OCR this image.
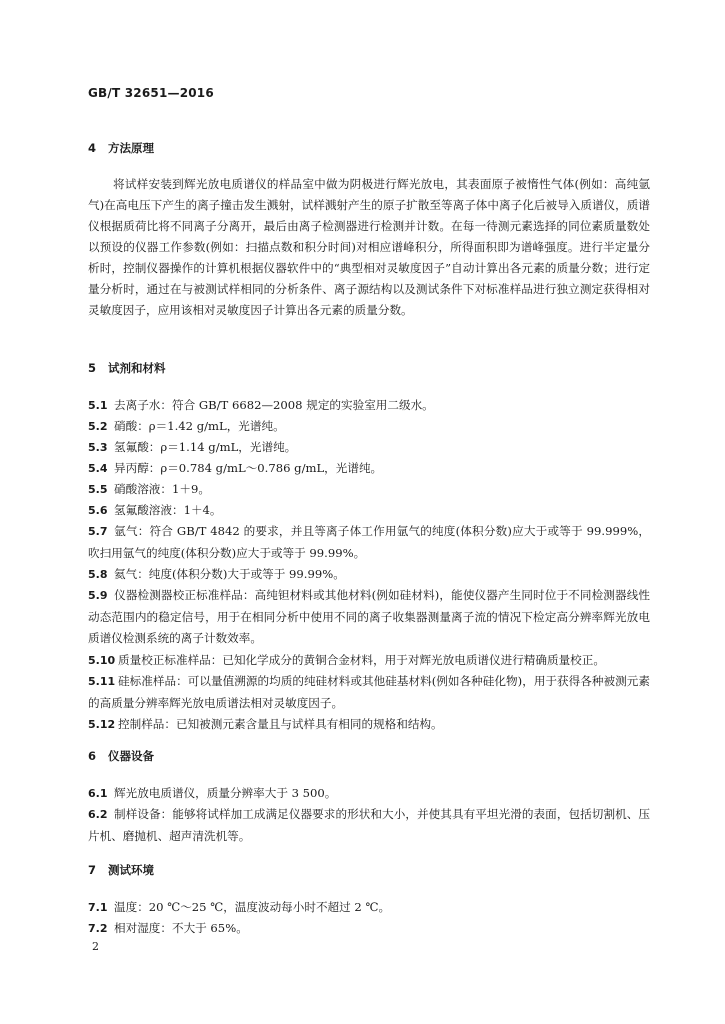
GB/T 32651—2016
4 方法原理
将试样安装到辉光放电质谱仪的样品室中做为阴极进行辉光放电，其表面原子被惰性气体(例如：高纯氩气)在高电压下产生的离子撞击发生溅射，试样溅射产生的原子扩散至等离子体中离子化后被导入质谱仪，质谱仪根据质荷比将不同离子分离开，最后由离子检测器进行检测并计数。在每一待测元素选择的同位素质量数处以预设的仪器工作参数(例如：扫描点数和积分时间)对相应谱峰积分，所得面积即为谱峰强度。进行半定量分析时，控制仪器操作的计算机根据仪器软件中的“典型相对灵敏度因子”自动计算出各元素的质量分数；进行定量分析时，通过在与被测试样相同的分析条件、离子源结构以及测试条件下对标准样品进行独立测定获得相对灵敏度因子，应用该相对灵敏度因子计算出各元素的质量分数。
5 试剂和材料
5.1 去离子水：符合 GB/T 6682—2008 规定的实验室用二级水。
5.2 硝酸：ρ＝1.42 g/mL，光谱纯。
5.3 氢氟酸：ρ＝1.14 g/mL，光谱纯。
5.4 异丙醇：ρ＝0.784 g/mL～0.786 g/mL，光谱纯。
5.5 硝酸溶液：1＋9。
5.6 氢氟酸溶液：1＋4。
5.7 氩气：符合 GB/T 4842 的要求，并且等离子体工作用氩气的纯度(体积分数)应大于或等于 99.999%，吹扫用氩气的纯度(体积分数)应大于或等于 99.99%。
5.8 氦气：纯度(体积分数)大于或等于 99.99%。
5.9 仪器检测器校正标准样品：高纯钽材料或其他材料(例如硅材料)，能使仪器产生同时位于不同检测器线性动态范围内的稳定信号，用于在相同分析中使用不同的离子收集器测量离子流的情况下检定高分辨率辉光放电质谱仪检测系统的离子计数效率。
5.10 质量校正标准样品：已知化学成分的黄铜合金材料，用于对辉光放电质谱仪进行精确质量校正。
5.11 硅标准样品：可以量值溯源的均质的纯硅材料或其他硅基材料(例如各种硅化物)，用于获得各种被测元素的高质量分辨率辉光放电质谱法相对灵敏度因子。
5.12 控制样品：已知被测元素含量且与试样具有相同的规格和结构。
6 仪器设备
6.1 辉光放电质谱仪，质量分辨率大于 3 500。
6.2 制样设备：能够将试样加工成满足仪器要求的形状和大小，并使其具有平坦光滑的表面，包括切割机、压片机、磨抛机、超声清洗机等。
7 测试环境
7.1 温度：20 ℃～25 ℃，温度波动每小时不超过 2 ℃。
7.2 相对湿度：不大于 65%。
2
